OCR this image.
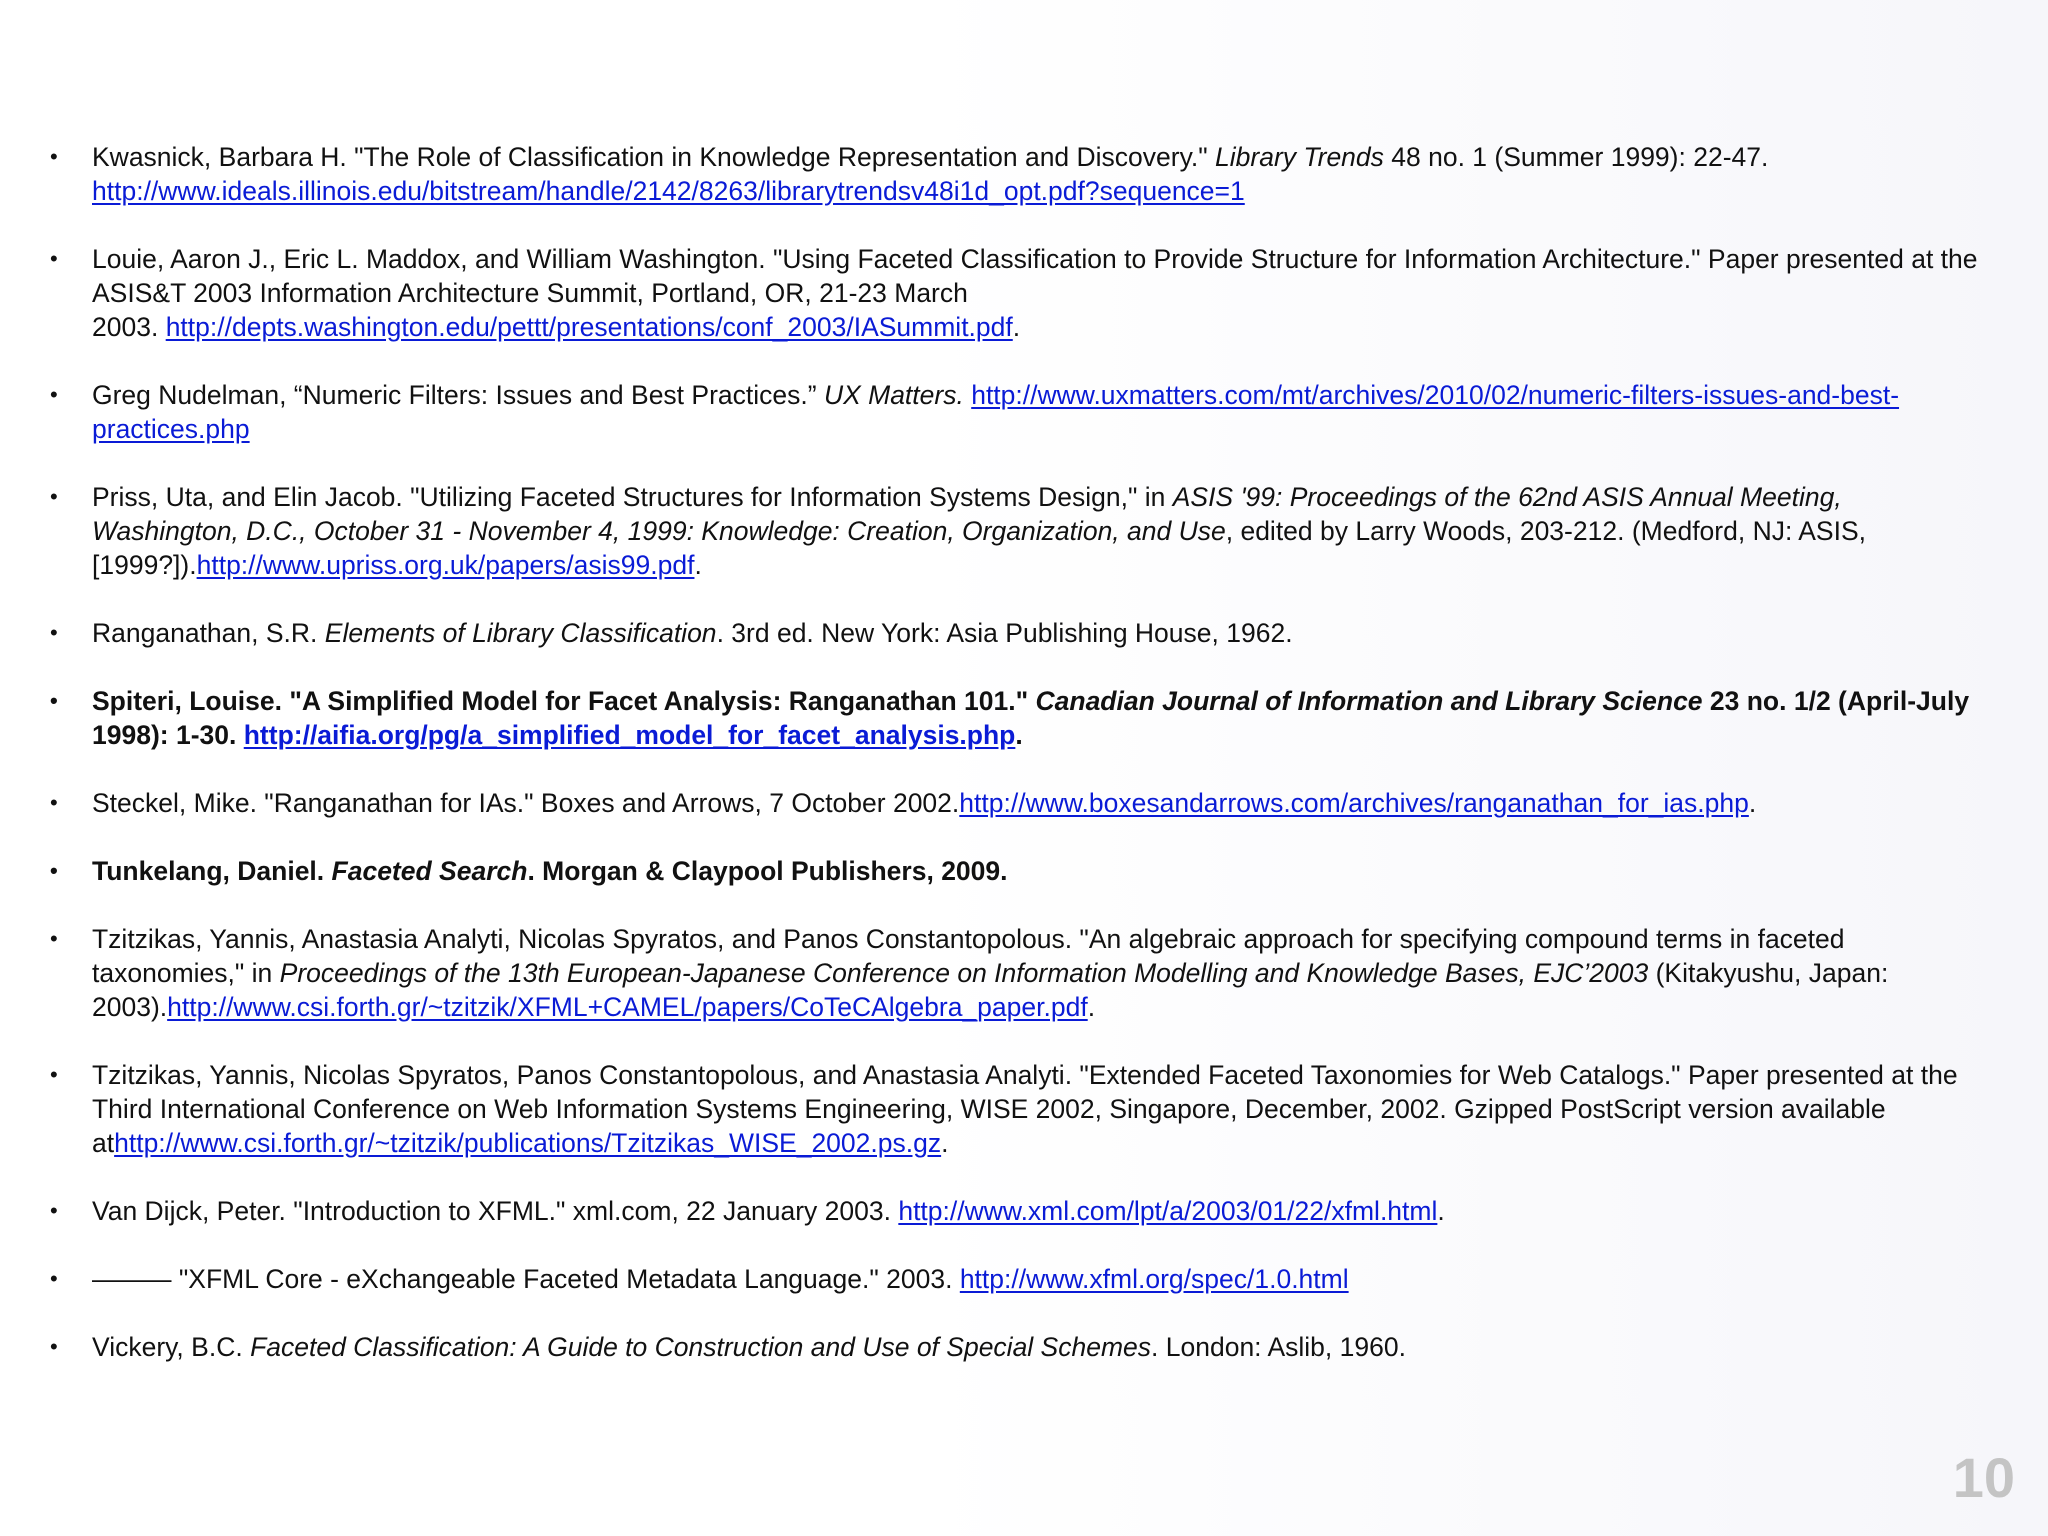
• Kwasnick, Barbara H. "The Role of Classification in Knowledge Representation and Discovery." Library Trends 48 no. 1 (Summer 1999): 22-47. http://www.ideals.illinois.edu/bitstream/handle/2142/8263/librarytrendsv48i1d_opt.pdf?sequence=1
• Louie, Aaron J., Eric L. Maddox, and William Washington. "Using Faceted Classification to Provide Structure for Information Architecture." Paper presented at the ASIS&T 2003 Information Architecture Summit, Portland, OR, 21-23 March
2003. http://depts.washington.edu/pettt/presentations/conf_2003/IASummit.pdf.
• Greg Nudelman, “Numeric Filters: Issues and Best Practices.” UX Matters. http://www.uxmatters.com/mt/archives/2010/02/numeric-filters-issues-and-best-practices.php
• Priss, Uta, and Elin Jacob. "Utilizing Faceted Structures for Information Systems Design," in ASIS '99: Proceedings of the 62nd ASIS Annual Meeting, Washington, D.C., October 31 - November 4, 1999: Knowledge: Creation, Organization, and Use, edited by Larry Woods, 203-212. (Medford, NJ: ASIS, [1999?]).http://www.upriss.org.uk/papers/asis99.pdf.
• Ranganathan, S.R. Elements of Library Classification. 3rd ed. New York: Asia Publishing House, 1962.
• Spiteri, Louise. "A Simplified Model for Facet Analysis: Ranganathan 101." Canadian Journal of Information and Library Science 23 no. 1/2 (April-July 1998): 1-30. http://aifia.org/pg/a_simplified_model_for_facet_analysis.php.
• Steckel, Mike. "Ranganathan for IAs." Boxes and Arrows, 7 October 2002.http://www.boxesandarrows.com/archives/ranganathan_for_ias.php.
• Tunkelang, Daniel. Faceted Search. Morgan & Claypool Publishers, 2009.
• Tzitzikas, Yannis, Anastasia Analyti, Nicolas Spyratos, and Panos Constantopolous. "An algebraic approach for specifying compound terms in faceted taxonomies," in Proceedings of the 13th European-Japanese Conference on Information Modelling and Knowledge Bases, EJC’2003 (Kitakyushu, Japan: 2003).http://www.csi.forth.gr/~tzitzik/XFML+CAMEL/papers/CoTeCAlgebra_paper.pdf.
• Tzitzikas, Yannis, Nicolas Spyratos, Panos Constantopolous, and Anastasia Analyti. "Extended Faceted Taxonomies for Web Catalogs." Paper presented at the Third International Conference on Web Information Systems Engineering, WISE 2002, Singapore, December, 2002. Gzipped PostScript version available athttp://www.csi.forth.gr/~tzitzik/publications/Tzitzikas_WISE_2002.ps.gz.
• Van Dijck, Peter. "Introduction to XFML." xml.com, 22 January 2003. http://www.xml.com/lpt/a/2003/01/22/xfml.html.
• ——— "XFML Core - eXchangeable Faceted Metadata Language." 2003. http://www.xfml.org/spec/1.0.html
• Vickery, B.C. Faceted Classification: A Guide to Construction and Use of Special Schemes. London: Aslib, 1960.
10
